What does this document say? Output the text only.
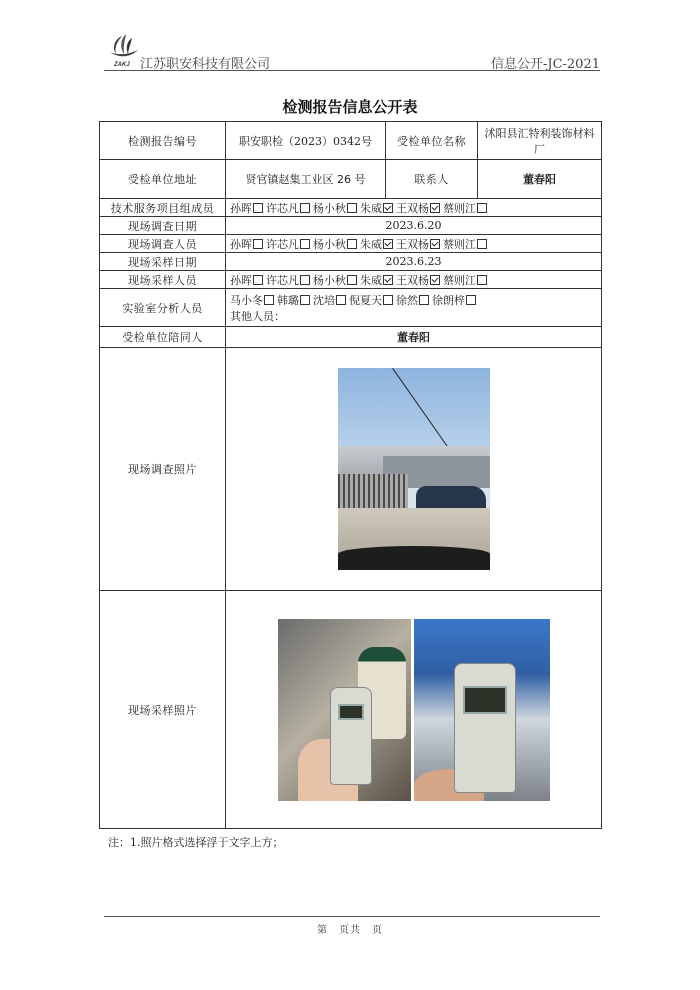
ZAKJ 江苏职安科技有限公司	信息公开-JC-2021
检测报告信息公开表
检测报告编号	职安职检（2023）0342号	受检单位名称	沭阳县汇特利装饰材料厂
受检单位地址	贤官镇赵集工业区 26 号	联系人	董春阳
技术服务项目组成员	孙晖 许芯凡 杨小秋 朱威 王双杨 蔡则江		
现场调查日期	2023.6.20		
现场调查人员	孙晖 许芯凡 杨小秋 朱威 王双杨 蔡则江		
现场采样日期	2023.6.23		
现场采样人员	孙晖 许芯凡 杨小秋 朱威 王双杨 蔡则江		
实验室分析人员	马小冬 韩璐 沈培 倪夏天 徐然 徐朗梓
其他人员：		

受检单位陪同人	董春阳		
现场调查照片			

现场采样照片			
注：1.照片格式选择浮于文字上方；
第　页共　页
